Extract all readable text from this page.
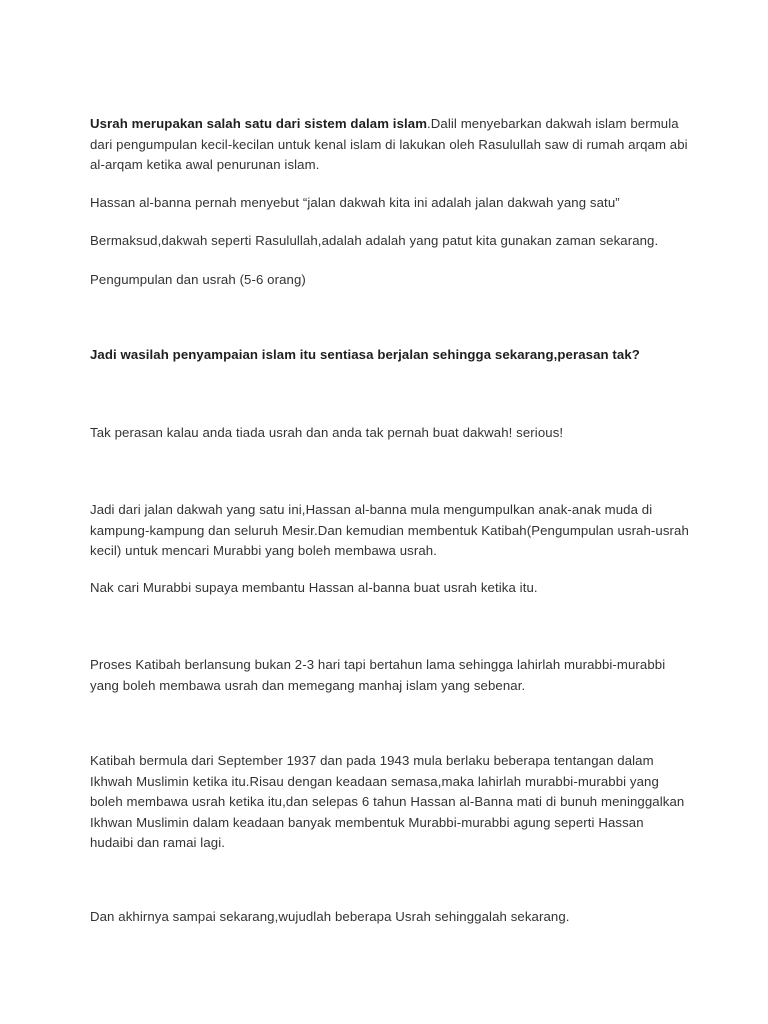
Usrah merupakan salah satu dari sistem dalam islam.Dalil menyebarkan dakwah islam bermula dari pengumpulan kecil-kecilan untuk kenal islam di lakukan oleh Rasulullah saw di rumah arqam abi al-arqam ketika awal penurunan islam.

Hassan al-banna pernah menyebut “jalan dakwah kita ini adalah jalan dakwah yang satu”

Bermaksud,dakwah seperti Rasulullah,adalah adalah yang patut kita gunakan zaman sekarang.

Pengumpulan dan usrah (5-6 orang)

Jadi wasilah penyampaian islam itu sentiasa berjalan sehingga sekarang,perasan tak?

Tak perasan kalau anda tiada usrah dan anda tak pernah buat dakwah! serious!

Jadi dari jalan dakwah yang satu ini,Hassan al-banna mula mengumpulkan anak-anak muda di kampung-kampung dan seluruh Mesir.Dan kemudian membentuk Katibah(Pengumpulan usrah-usrah kecil) untuk mencari Murabbi yang boleh membawa usrah.

Nak cari Murabbi supaya membantu Hassan al-banna buat usrah ketika itu.

Proses Katibah berlansung bukan 2-3 hari tapi bertahun lama sehingga lahirlah murabbi-murabbi yang boleh membawa usrah dan memegang manhaj islam yang sebenar.

Katibah bermula dari September 1937 dan pada 1943 mula berlaku beberapa tentangan dalam Ikhwah Muslimin ketika itu.Risau dengan keadaan semasa,maka lahirlah murabbi-murabbi yang boleh membawa usrah ketika itu,dan selepas 6 tahun Hassan al-Banna mati di bunuh meninggalkan Ikhwan Muslimin dalam keadaan banyak membentuk Murabbi-murabbi agung seperti Hassan hudaibi dan ramai lagi.

Dan akhirnya sampai sekarang,wujudlah beberapa Usrah sehinggalah sekarang.
